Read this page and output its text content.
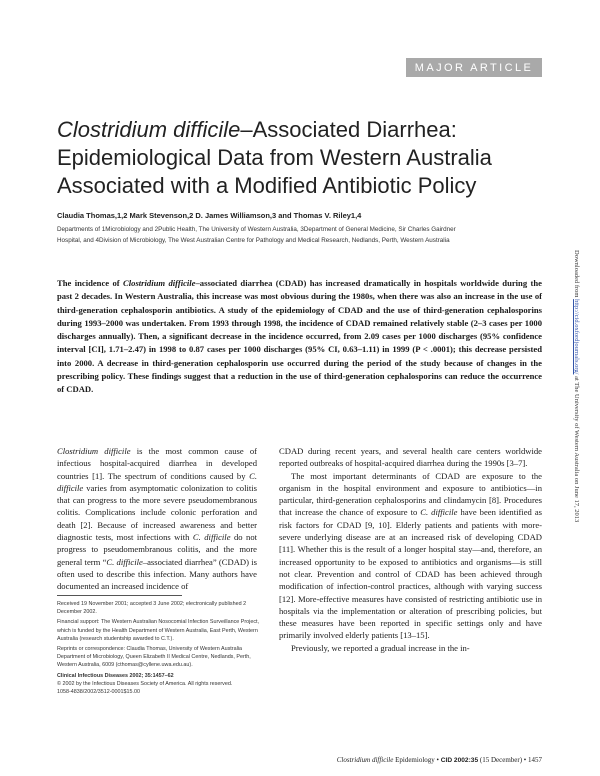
MAJOR ARTICLE
Clostridium difficile–Associated Diarrhea:
Epidemiological Data from Western Australia
Associated with a Modified Antibiotic Policy
Claudia Thomas,1,2 Mark Stevenson,2 D. James Williamson,3 and Thomas V. Riley1,4
Departments of 1Microbiology and 2Public Health, The University of Western Australia, 3Department of General Medicine, Sir Charles Gairdner
Hospital, and 4Division of Microbiology, The West Australian Centre for Pathology and Medical Research, Nedlands, Perth, Western Australia
The incidence of Clostridium difficile–associated diarrhea (CDAD) has increased dramatically in hospitals worldwide during the past 2 decades. In Western Australia, this increase was most obvious during the 1980s, when there was also an increase in the use of third-generation cephalosporin antibiotics. A study of the epidemiology of CDAD and the use of third-generation cephalosporins during 1993–2000 was undertaken. From 1993 through 1998, the incidence of CDAD remained relatively stable (2–3 cases per 1000 discharges annually). Then, a significant decrease in the incidence occurred, from 2.09 cases per 1000 discharges (95% confidence interval [CI], 1.71–2.47) in 1998 to 0.87 cases per 1000 discharges (95% CI, 0.63–1.11) in 1999 (P < .0001); this decrease persisted into 2000. A decrease in third-generation cephalosporin use occurred during the period of the study because of changes in the prescribing policy. These findings suggest that a reduction in the use of third-generation cephalosporins can reduce the occurrence of CDAD.

Clostridium difficile is the most common cause of infectious hospital-acquired diarrhea in developed countries [1]. The spectrum of conditions caused by C. difficile varies from asymptomatic colonization to colitis that can progress to the more severe pseudomembranous colitis. Complications include colonic perforation and death [2]. Because of increased awareness and better diagnostic tests, most infections with C. difficile do not progress to pseudomembranous colitis, and the more general term “C. difficile–associated diarrhea” (CDAD) is often used to describe this infection. Many authors have documented an increased incidence of

CDAD during recent years, and several health care centers worldwide reported outbreaks of hospital-acquired diarrhea during the 1990s [3–7].

The most important determinants of CDAD are exposure to the organism in the hospital environment and exposure to antibiotics—in particular, third-generation cephalosporins and clindamycin [8]. Procedures that increase the chance of exposure to C. difficile have been identified as risk factors for CDAD [9, 10]. Elderly patients and patients with more-severe underlying disease are at an increased risk of developing CDAD [11]. Whether this is the result of a longer hospital stay—and, therefore, an increased opportunity to be exposed to antibiotics and organisms—is still not clear. Prevention and control of CDAD has been achieved through modification of infection-control practices, although with varying success [12]. More-effective measures have consisted of restricting antibiotic use in hospitals via the implementation or alteration of prescribing policies, but these measures have been reported in specific settings only and have primarily involved elderly patients [13–15].

Previously, we reported a gradual increase in the in-

Received 19 November 2001; accepted 3 June 2002; electronically published 2 December 2002.

Financial support: The Western Australian Nosocomial Infection Surveillance Project, which is funded by the Health Department of Western Australia, East Perth, Western Australia (research studentship awarded to C.T.).

Reprints or correspondence: Claudia Thomas, University of Western Australia Department of Microbiology, Queen Elizabeth II Medical Centre, Nedlands, Perth, Western Australia, 6009 (cthomas@cyllene.uwa.edu.au).

Clinical Infectious Diseases 2002; 35:1457–62
© 2002 by the Infectious Diseases Society of America. All rights reserved.
1058-4838/2002/3512-0001$15.00
Clostridium difficile Epidemiology • CID 2002:35 (15 December) • 1457
Downloaded from http://cid.oxfordjournals.org/ at The University of Western Australia on June 17, 2013
